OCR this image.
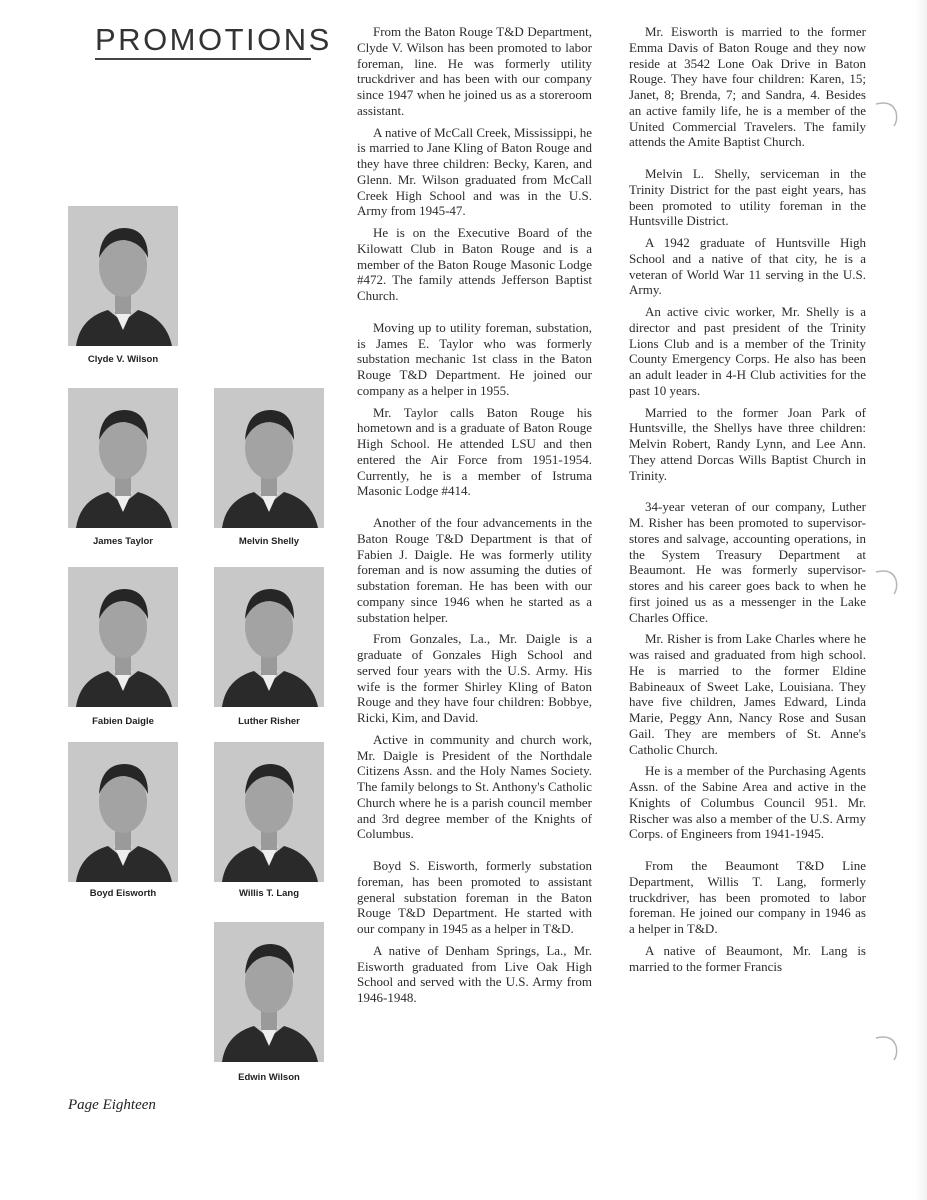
PROMOTIONS
Clyde V. Wilson
James Taylor	Melvin Shelly
Fabien Daigle	Luther Risher
Boyd Eisworth	Willis T. Lang
Edwin Wilson

From the Baton Rouge T&D Department, Clyde V. Wilson has been promoted to labor foreman, line. He was formerly utility truckdriver and has been with our company since 1947 when he joined us as a storeroom assistant.

A native of McCall Creek, Mississippi, he is married to Jane Kling of Baton Rouge and they have three children: Becky, Karen, and Glenn. Mr. Wilson graduated from McCall Creek High School and was in the U.S. Army from 1945-47.

He is on the Executive Board of the Kilowatt Club in Baton Rouge and is a member of the Baton Rouge Masonic Lodge #472. The family attends Jefferson Baptist Church.

Moving up to utility foreman, substation, is James E. Taylor who was formerly substation mechanic 1st class in the Baton Rouge T&D Department. He joined our company as a helper in 1955.

Mr. Taylor calls Baton Rouge his hometown and is a graduate of Baton Rouge High School. He attended LSU and then entered the Air Force from 1951-1954. Currently, he is a member of Istruma Masonic Lodge #414.

Another of the four advancements in the Baton Rouge T&D Department is that of Fabien J. Daigle. He was formerly utility foreman and is now assuming the duties of substation foreman. He has been with our company since 1946 when he started as a substation helper.

From Gonzales, La., Mr. Daigle is a graduate of Gonzales High School and served four years with the U.S. Army. His wife is the former Shirley Kling of Baton Rouge and they have four children: Bobbye, Ricki, Kim, and David.

Active in community and church work, Mr. Daigle is President of the Northdale Citizens Assn. and the Holy Names Society. The family belongs to St. Anthony's Catholic Church where he is a parish council member and 3rd degree member of the Knights of Columbus.

Boyd S. Eisworth, formerly substation foreman, has been promoted to assistant general substation foreman in the Baton Rouge T&D Department. He started with our company in 1945 as a helper in T&D.

A native of Denham Springs, La., Mr. Eisworth graduated from Live Oak High School and served with the U.S. Army from 1946-1948.

Mr. Eisworth is married to the former Emma Davis of Baton Rouge and they now reside at 3542 Lone Oak Drive in Baton Rouge. They have four children: Karen, 15; Janet, 8; Brenda, 7; and Sandra, 4. Besides an active family life, he is a member of the United Commercial Travelers. The family attends the Amite Baptist Church.

Melvin L. Shelly, serviceman in the Trinity District for the past eight years, has been promoted to utility foreman in the Huntsville District.

A 1942 graduate of Huntsville High School and a native of that city, he is a veteran of World War 11 serving in the U.S. Army.

An active civic worker, Mr. Shelly is a director and past president of the Trinity Lions Club and is a member of the Trinity County Emergency Corps. He also has been an adult leader in 4-H Club activities for the past 10 years.

Married to the former Joan Park of Huntsville, the Shellys have three children: Melvin Robert, Randy Lynn, and Lee Ann. They attend Dorcas Wills Baptist Church in Trinity.

34-year veteran of our company, Luther M. Risher has been promoted to supervisor-stores and salvage, accounting operations, in the System Treasury Department at Beaumont. He was formerly supervisor-stores and his career goes back to when he first joined us as a messenger in the Lake Charles Office.

Mr. Risher is from Lake Charles where he was raised and graduated from high school. He is married to the former Eldine Babineaux of Sweet Lake, Louisiana. They have five children, James Edward, Linda Marie, Peggy Ann, Nancy Rose and Susan Gail. They are members of St. Anne's Catholic Church.

He is a member of the Purchasing Agents Assn. of the Sabine Area and active in the Knights of Columbus Council 951. Mr. Rischer was also a member of the U.S. Army Corps. of Engineers from 1941-1945.

From the Beaumont T&D Line Department, Willis T. Lang, formerly truckdriver, has been promoted to labor foreman. He joined our company in 1946 as a helper in T&D.

A native of Beaumont, Mr. Lang is married to the former Francis

Page Eighteen
